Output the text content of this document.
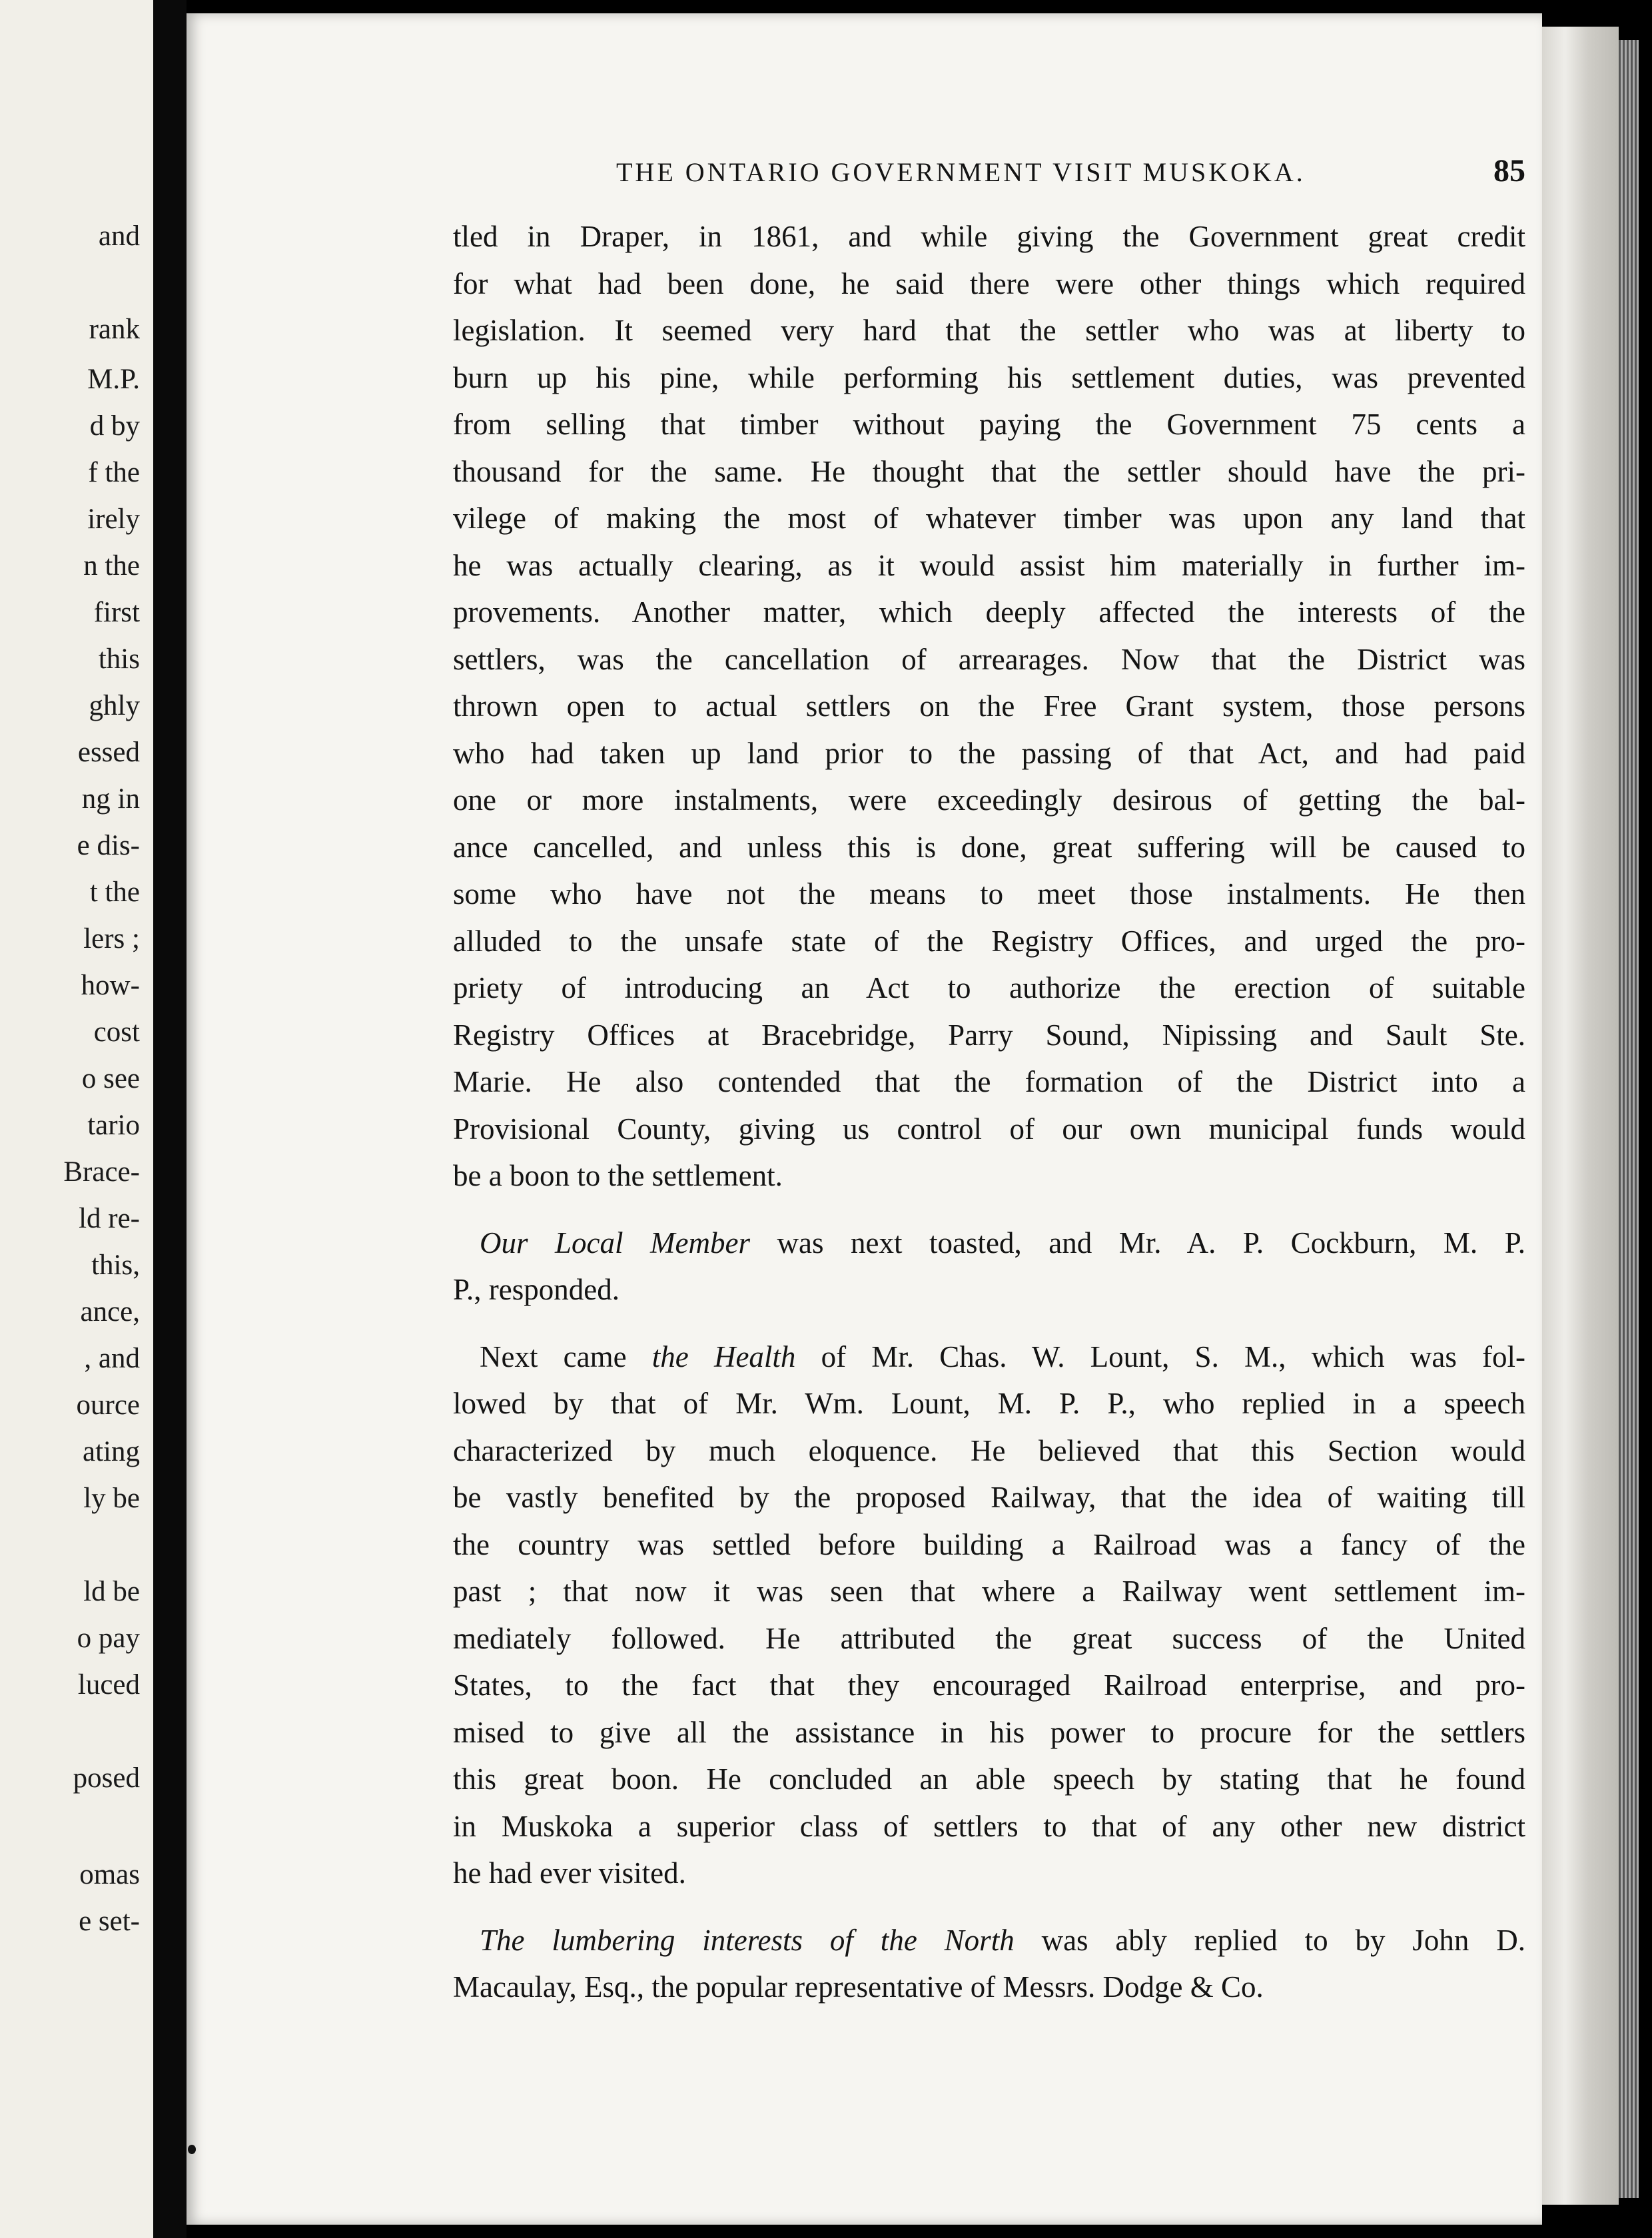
and
rank
M.P.
d by
f the
irely
n the
first
this
ghly
essed
ng in
e dis-
t the
lers ;
how-
cost
o see
tario
Brace-
ld re-
this,
ance,
, and
ource
ating
ly be
ld be
o pay
luced
posed
omas
e set-
THE ONTARIO GOVERNMENT VISIT MUSKOKA.	85
tled in Draper, in 1861, and while giving the Government great credit
for what had been done, he said there were other things which required
legislation. It seemed very hard that the settler who was at liberty to
burn up his pine, while performing his settlement duties, was prevented
from selling that timber without paying the Government 75 cents a
thousand for the same. He thought that the settler should have the pri-
vilege of making the most of whatever timber was upon any land that
he was actually clearing, as it would assist him materially in further im-
provements. Another matter, which deeply affected the interests of the
settlers, was the cancellation of arrearages. Now that the District was
thrown open to actual settlers on the Free Grant system, those persons
who had taken up land prior to the passing of that Act, and had paid
one or more instalments, were exceedingly desirous of getting the bal-
ance cancelled, and unless this is done, great suffering will be caused to
some who have not the means to meet those instalments. He then
alluded to the unsafe state of the Registry Offices, and urged the pro-
priety of introducing an Act to authorize the erection of suitable
Registry Offices at Bracebridge, Parry Sound, Nipissing and Sault Ste.
Marie. He also contended that the formation of the District into a
Provisional County, giving us control of our own municipal funds would
be a boon to the settlement.
Our Local Member was next toasted, and Mr. A. P. Cockburn, M. P.
P., responded.
Next came the Health of Mr. Chas. W. Lount, S. M., which was fol-
lowed by that of Mr. Wm. Lount, M. P. P., who replied in a speech
characterized by much eloquence. He believed that this Section would
be vastly benefited by the proposed Railway, that the idea of waiting till
the country was settled before building a Railroad was a fancy of the
past ; that now it was seen that where a Railway went settlement im-
mediately followed. He attributed the great success of the United
States, to the fact that they encouraged Railroad enterprise, and pro-
mised to give all the assistance in his power to procure for the settlers
this great boon. He concluded an able speech by stating that he found
in Muskoka a superior class of settlers to that of any other new district
he had ever visited.
The lumbering interests of the North was ably replied to by John D.
Macaulay, Esq., the popular representative of Messrs. Dodge & Co.
